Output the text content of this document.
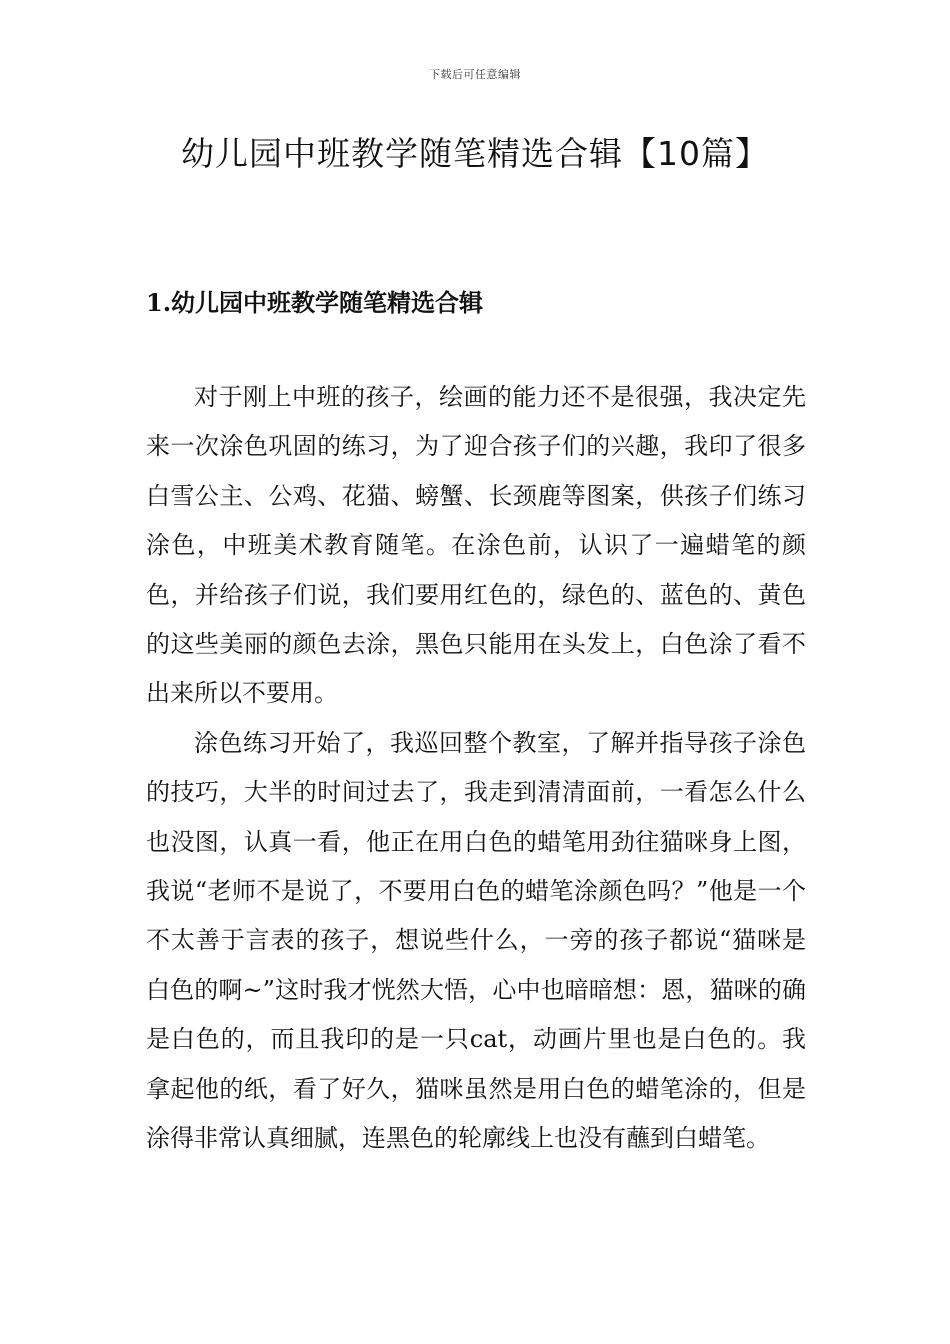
下载后可任意编辑
幼儿园中班教学随笔精选合辑【10篇】
1.幼儿园中班教学随笔精选合辑

对于刚上中班的孩子，绘画的能力还不是很强，我决定先来一次涂色巩固的练习，为了迎合孩子们的兴趣，我印了很多白雪公主、公鸡、花猫、螃蟹、长颈鹿等图案，供孩子们练习涂色，中班美术教育随笔。在涂色前，认识了一遍蜡笔的颜色，并给孩子们说，我们要用红色的，绿色的、蓝色的、黄色的这些美丽的颜色去涂，黑色只能用在头发上，白色涂了看不出来所以不要用。

涂色练习开始了，我巡回整个教室，了解并指导孩子涂色的技巧，大半的时间过去了，我走到清清面前，一看怎么什么也没图，认真一看，他正在用白色的蜡笔用劲往猫咪身上图，我说“老师不是说了，不要用白色的蜡笔涂颜色吗？”他是一个不太善于言表的孩子，想说些什么，一旁的孩子都说“猫咪是白色的啊~”这时我才恍然大悟，心中也暗暗想：恩，猫咪的确是白色的，而且我印的是一只cat，动画片里也是白色的。我拿起他的纸，看了好久，猫咪虽然是用白色的蜡笔涂的，但是涂得非常认真细腻，连黑色的轮廓线上也没有蘸到白蜡笔。
